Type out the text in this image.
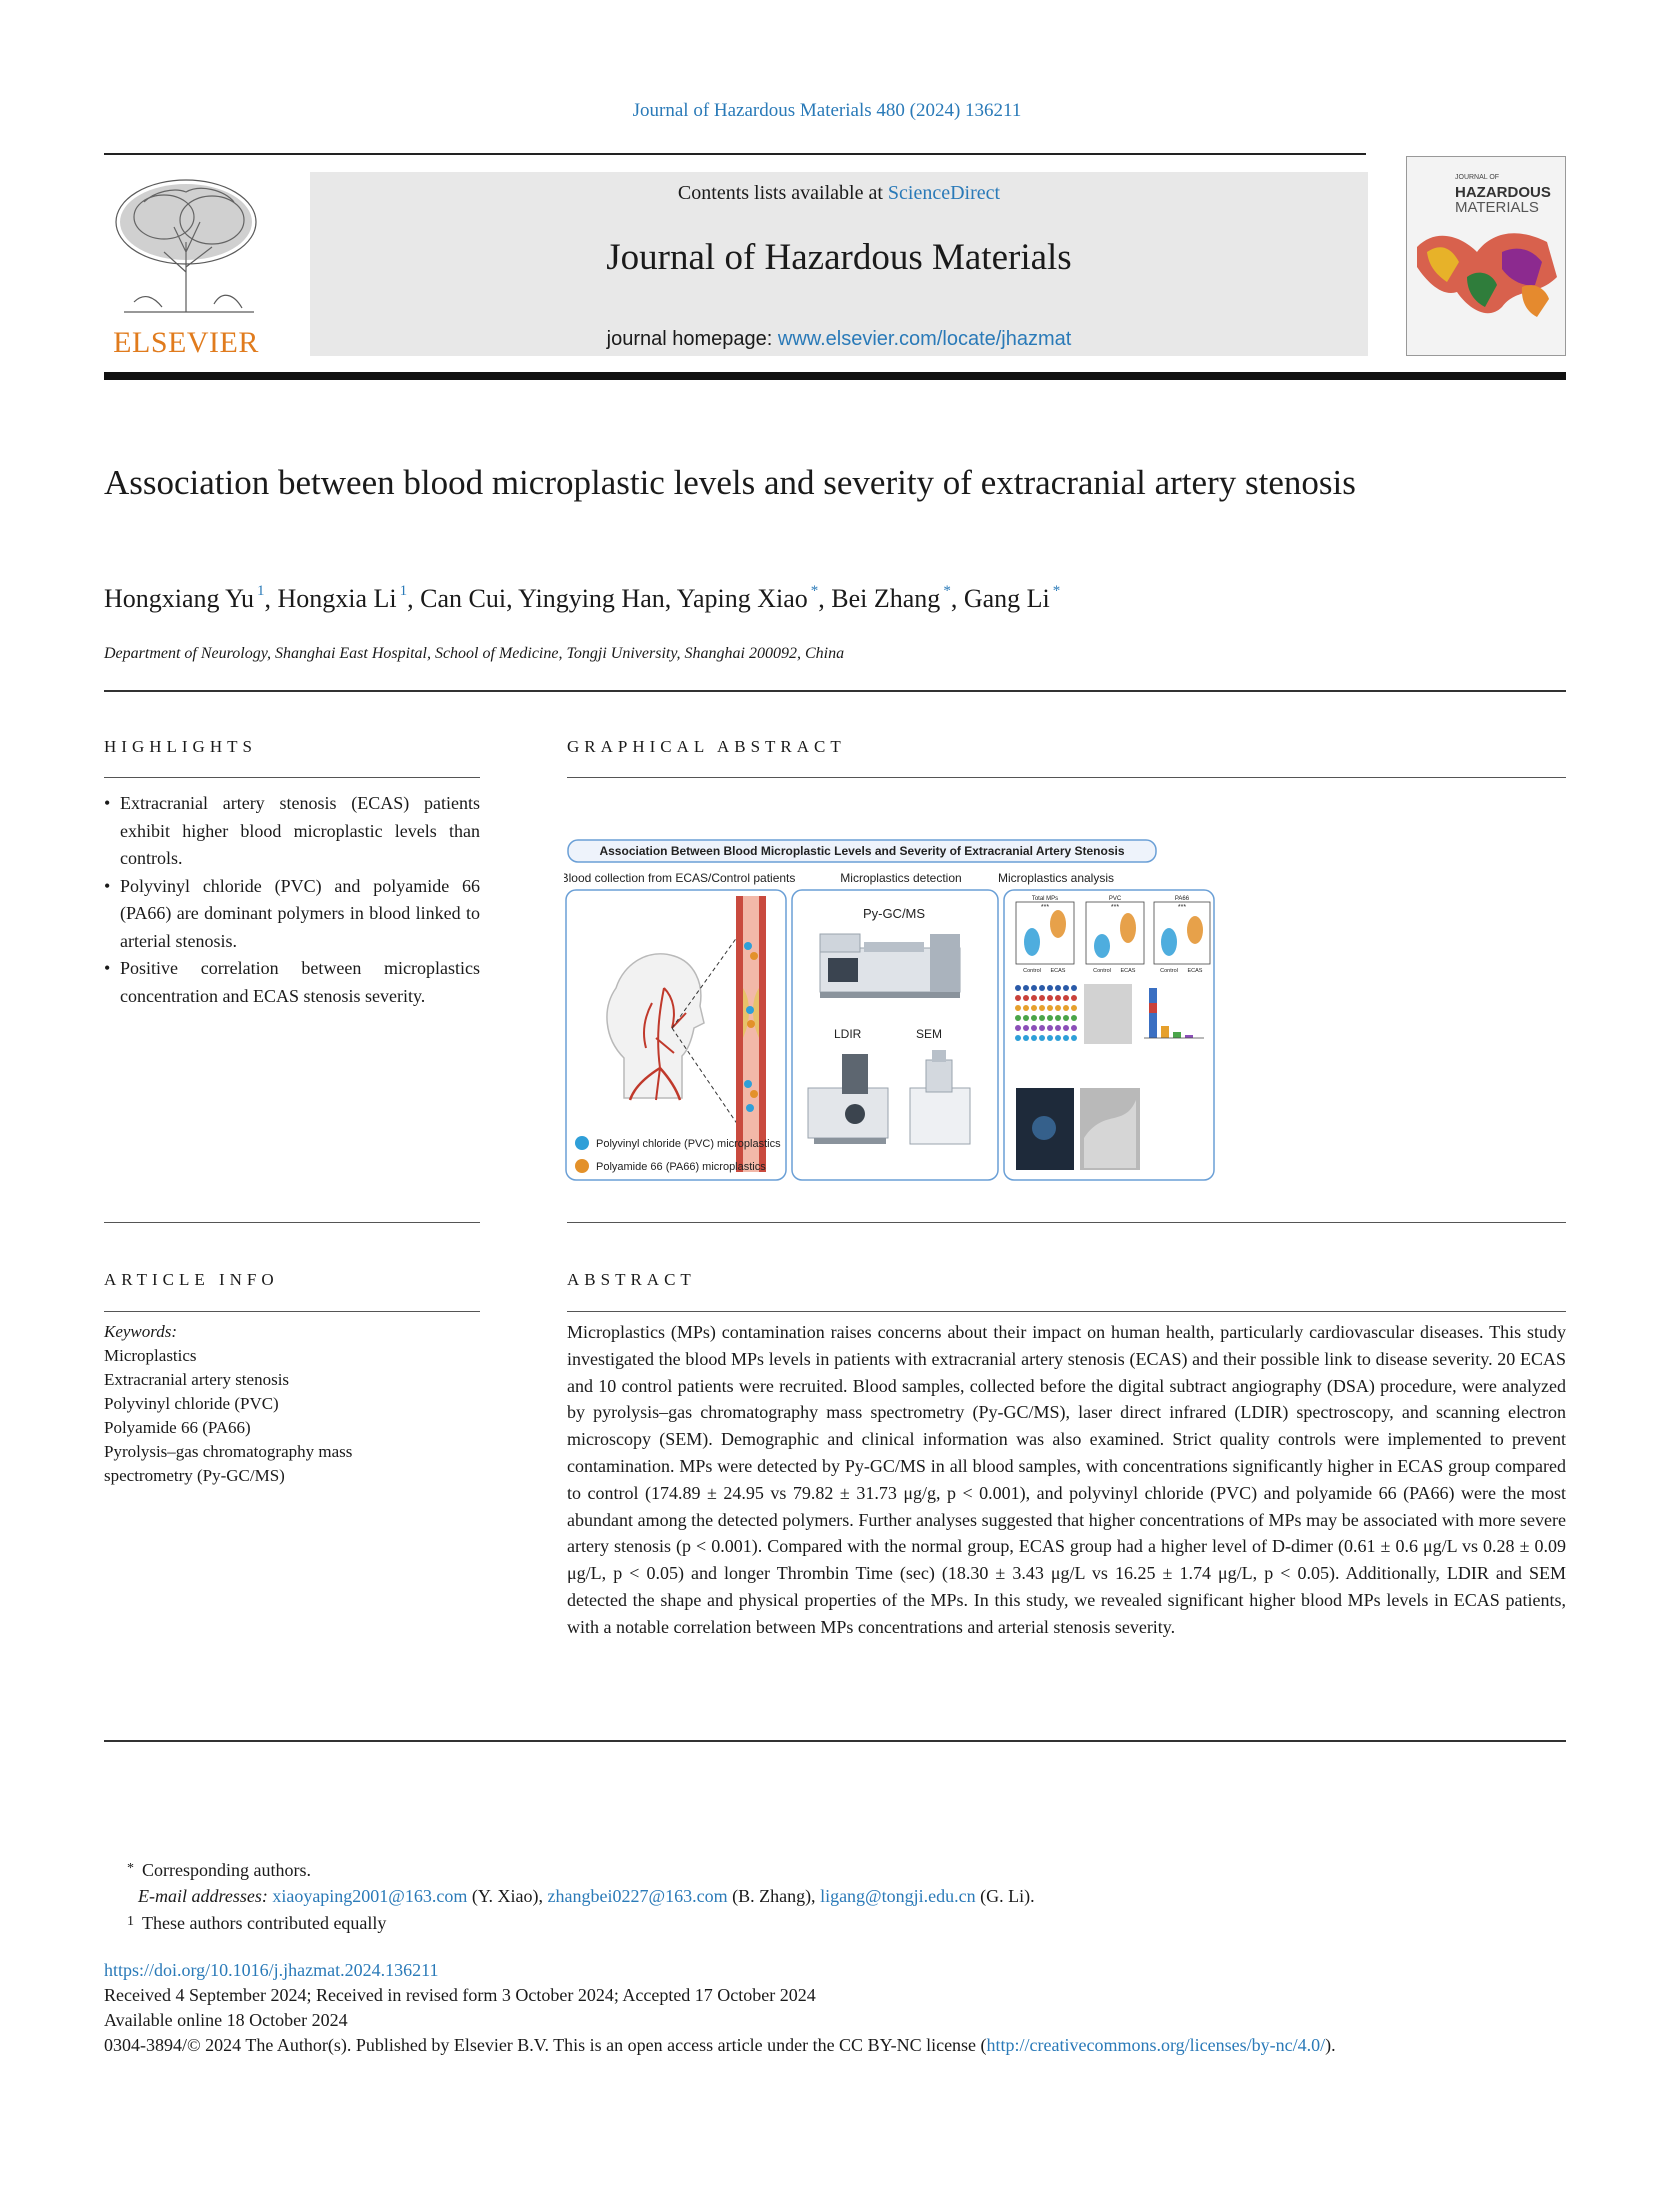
Journal of Hazardous Materials 480 (2024) 136211
ELSEVIER
Contents lists available at ScienceDirect
Journal of Hazardous Materials
journal homepage: www.elsevier.com/locate/jhazmat
JOURNAL OF
HAZARDOUS
MATERIALS
Association between blood microplastic levels and severity of extracranial artery stenosis
Hongxiang Yu $^1$, Hongxia Li $^1$, Can Cui, Yingying Han, Yaping Xiao *, Bei Zhang *, Gang Li *
Department of Neurology, Shanghai East Hospital, School of Medicine, Tongji University, Shanghai 200092, China
HIGHLIGHTS
• Extracranial artery stenosis (ECAS) patients exhibit higher blood microplastic levels than controls.
• Polyvinyl chloride (PVC) and polyamide 66 (PA66) are dominant polymers in blood linked to arterial stenosis.
• Positive correlation between microplastics concentration and ECAS stenosis severity.
GRAPHICAL ABSTRACT
Association Between Blood Microplastic Levels and Severity of Extracranial Artery Stenosis
Blood collection from ECAS/Control patients	Microplastics detection	Microplastics analysis
Polyvinyl chloride (PVC) microplastics
Polyamide 66 (PA66) microplastics
Py-GC/MS
LDIR	SEM
Total MPs
***
Control ECAS
PVC
***
Control ECAS
PA66
***
Control ECAS
ARTICLE INFO
Keywords:
Microplastics
Extracranial artery stenosis
Polyvinyl chloride (PVC)
Polyamide 66 (PA66)
Pyrolysis–gas chromatography mass spectrometry (Py-GC/MS)
ABSTRACT
Microplastics (MPs) contamination raises concerns about their impact on human health, particularly cardiovascular diseases. This study investigated the blood MPs levels in patients with extracranial artery stenosis (ECAS) and their possible link to disease severity. 20 ECAS and 10 control patients were recruited. Blood samples, collected before the digital subtract angiography (DSA) procedure, were analyzed by pyrolysis–gas chromatography mass spectrometry (Py-GC/MS), laser direct infrared (LDIR) spectroscopy, and scanning electron microscopy (SEM). Demographic and clinical information was also examined. Strict quality controls were implemented to prevent contamination. MPs were detected by Py-GC/MS in all blood samples, with concentrations significantly higher in ECAS group compared to control (174.89 ± 24.95 vs 79.82 ± 31.73 μg/g, p < 0.001), and polyvinyl chloride (PVC) and polyamide 66 (PA66) were the most abundant among the detected polymers. Further analyses suggested that higher concentrations of MPs may be associated with more severe artery stenosis (p < 0.001). Compared with the normal group, ECAS group had a higher level of D-dimer (0.61 ± 0.6 μg/L vs 0.28 ± 0.09 μg/L, p < 0.05) and longer Thrombin Time (sec) (18.30 ± 3.43 μg/L vs 16.25 ± 1.74 μg/L, p < 0.05). Additionally, LDIR and SEM detected the shape and physical properties of the MPs. In this study, we revealed significant higher blood MPs levels in ECAS patients, with a notable correlation between MPs concentrations and arterial stenosis severity.
* Corresponding authors.
E-mail addresses: xiaoyaping2001@163.com (Y. Xiao), zhangbei0227@163.com (B. Zhang), ligang@tongji.edu.cn (G. Li).
1 These authors contributed equally
https://doi.org/10.1016/j.jhazmat.2024.136211
Received 4 September 2024; Received in revised form 3 October 2024; Accepted 17 October 2024
Available online 18 October 2024
0304-3894/© 2024 The Author(s). Published by Elsevier B.V. This is an open access article under the CC BY-NC license (http://creativecommons.org/licenses/by-nc/4.0/).
